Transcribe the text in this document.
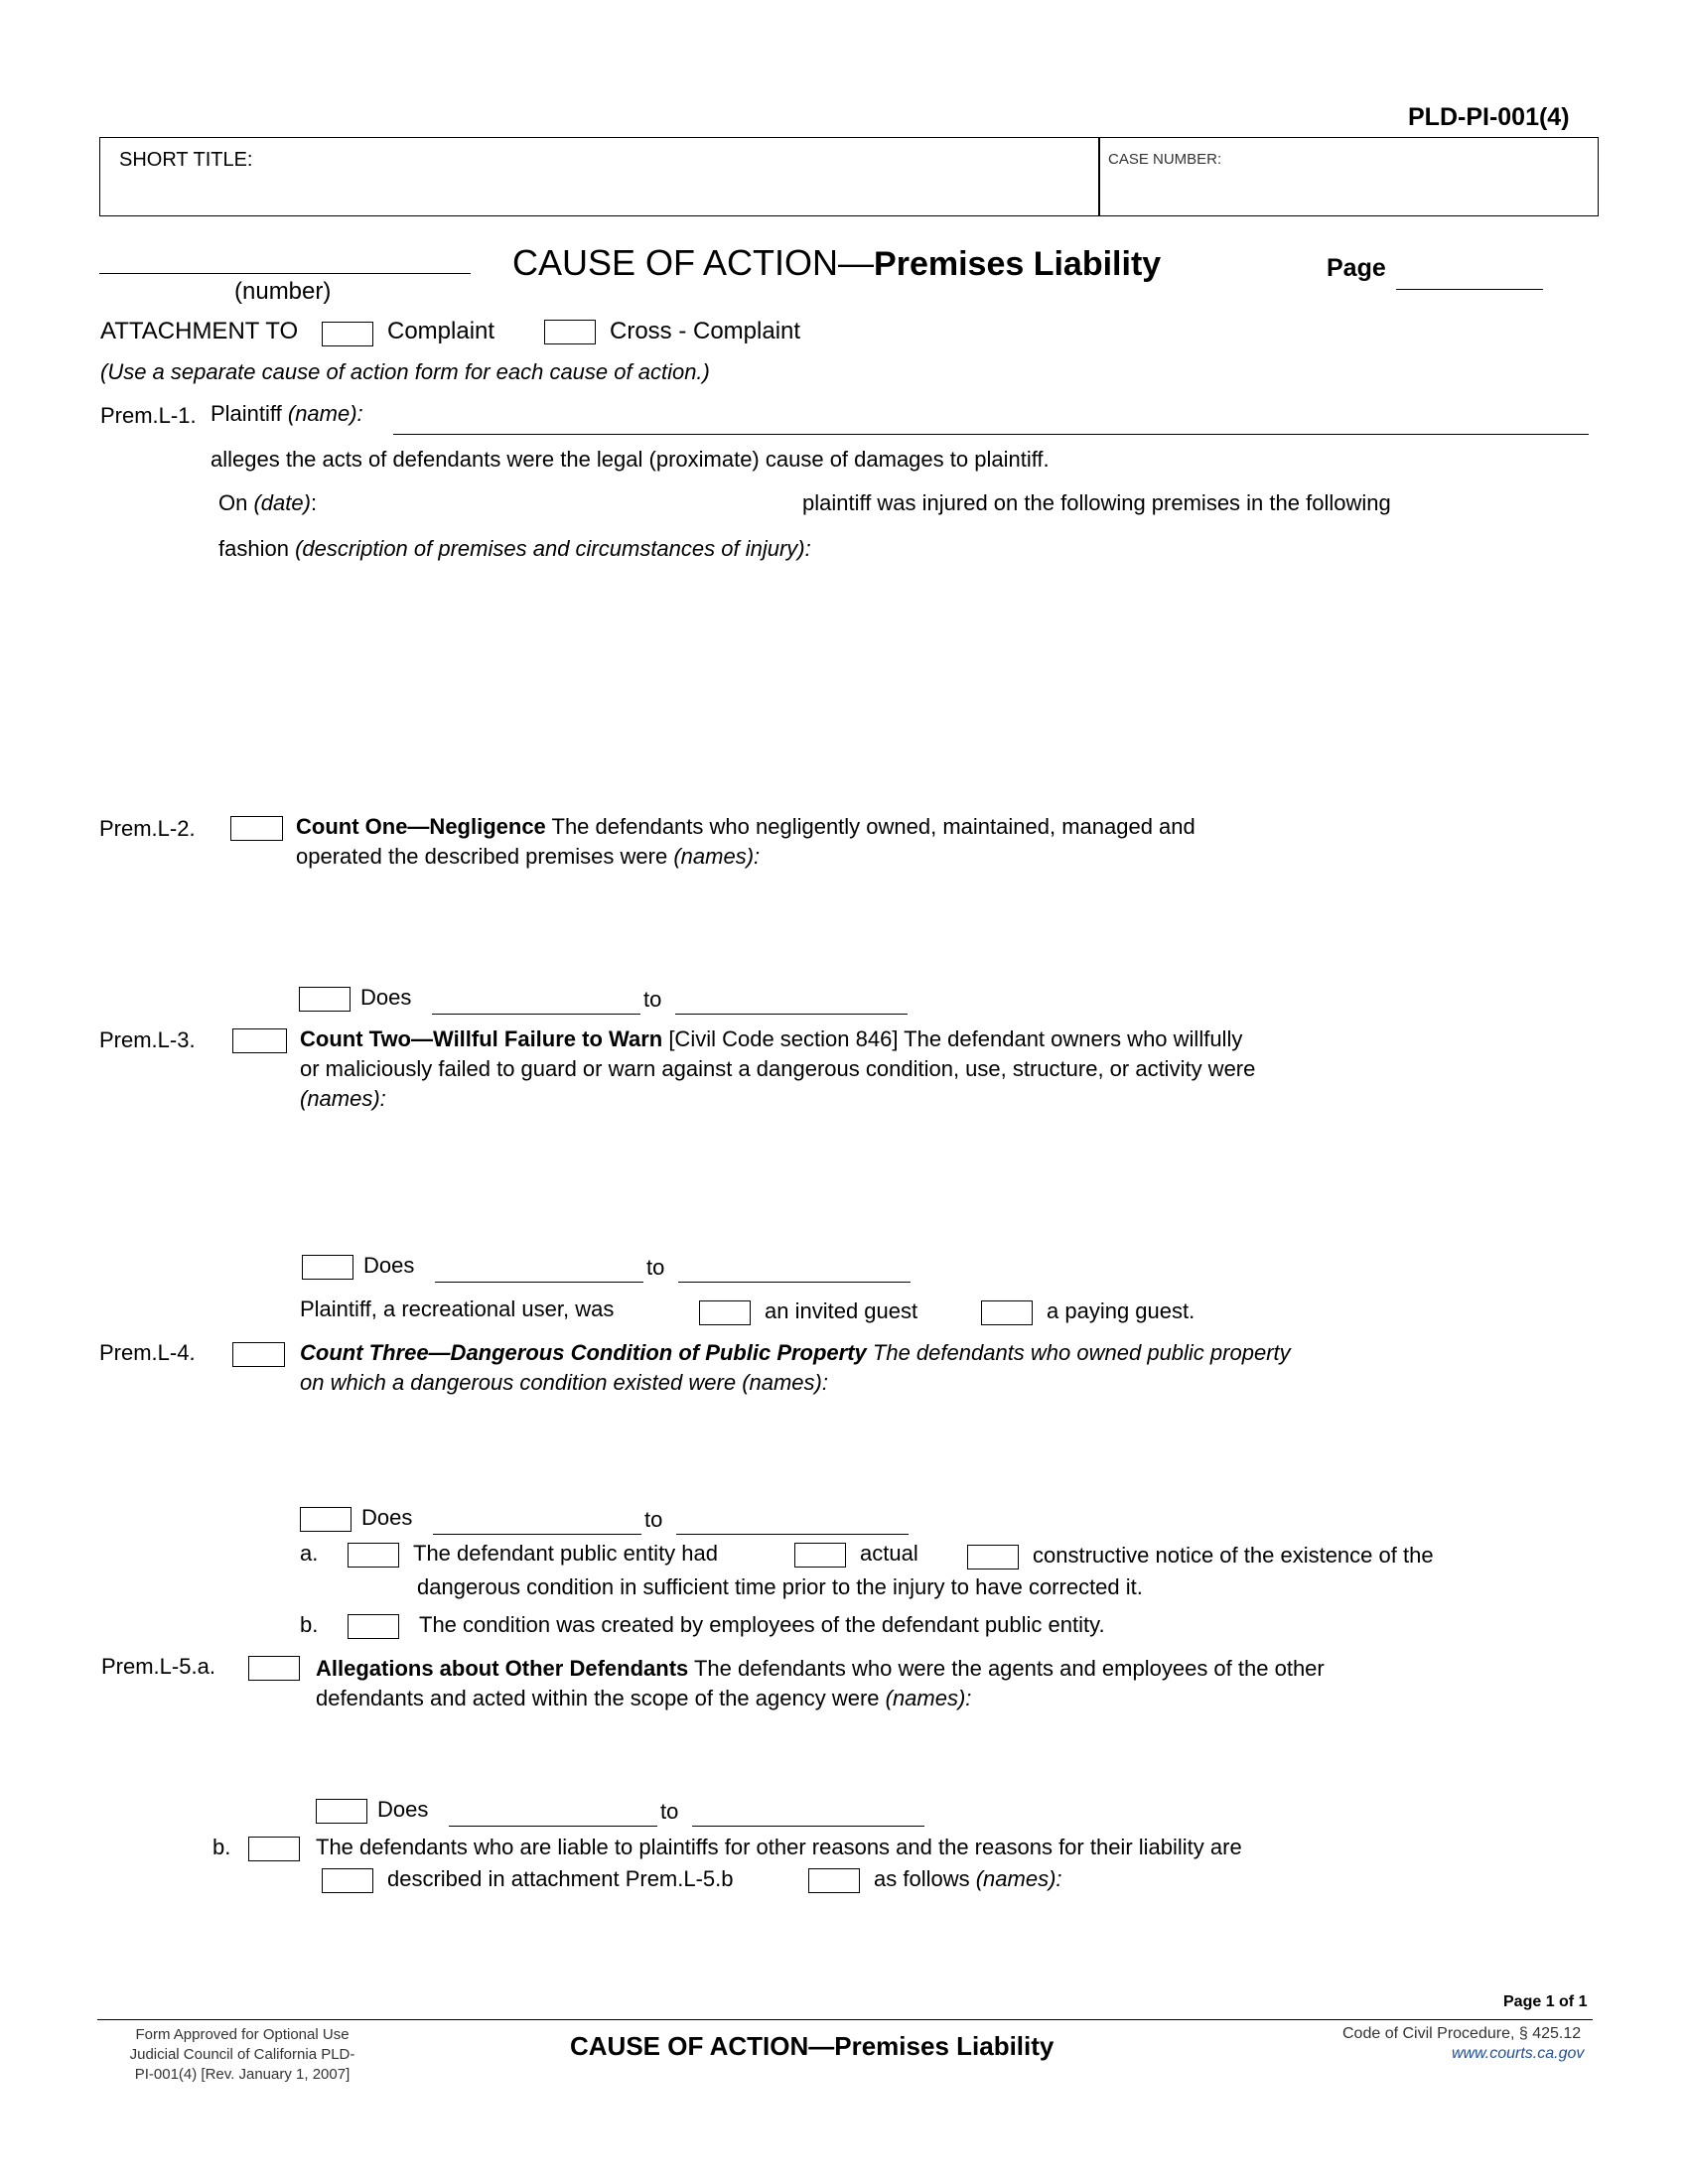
PLD-PI-001(4)
SHORT TITLE:	CASE NUMBER:
(number)
CAUSE OF ACTION—Premises Liability	Page
ATTACHMENT TO	Complaint	Cross - Complaint
(Use a separate cause of action form for each cause of action.)
Prem.L-1. Plaintiff (name):
alleges the acts of defendants were the legal (proximate) cause of damages to plaintiff.
On (date):	plaintiff was injured on the following premises in the following
fashion (description of premises and circumstances of injury):
Prem.L-2.	Count One—Negligence The defendants who negligently owned, maintained, managed and
operated the described premises were (names):
Does	to
Prem.L-3.	Count Two—Willful Failure to Warn [Civil Code section 846] The defendant owners who willfully
or maliciously failed to guard or warn against a dangerous condition, use, structure, or activity were
(names):
Does	to
Plaintiff, a recreational user, was	an invited guest	a paying guest.
Prem.L-4.	Count Three—Dangerous Condition of Public Property The defendants who owned public property
on which a dangerous condition existed were (names):
Does	to
a.	The defendant public entity had	actual	constructive notice of the existence of the
dangerous condition in sufficient time prior to the injury to have corrected it.
b.	The condition was created by employees of the defendant public entity.
Prem.L-5.a.	Allegations about Other Defendants The defendants who were the agents and employees of the other
defendants and acted within the scope of the agency were (names):
Does	to
b.	The defendants who are liable to plaintiffs for other reasons and the reasons for their liability are
described in attachment Prem.L-5.b	as follows (names):
Page 1 of 1
Form Approved for Optional Use
Judicial Council of California PLD-
PI-001(4) [Rev. January 1, 2007]
CAUSE OF ACTION—Premises Liability	Code of Civil Procedure, § 425.12
www.courts.ca.gov
